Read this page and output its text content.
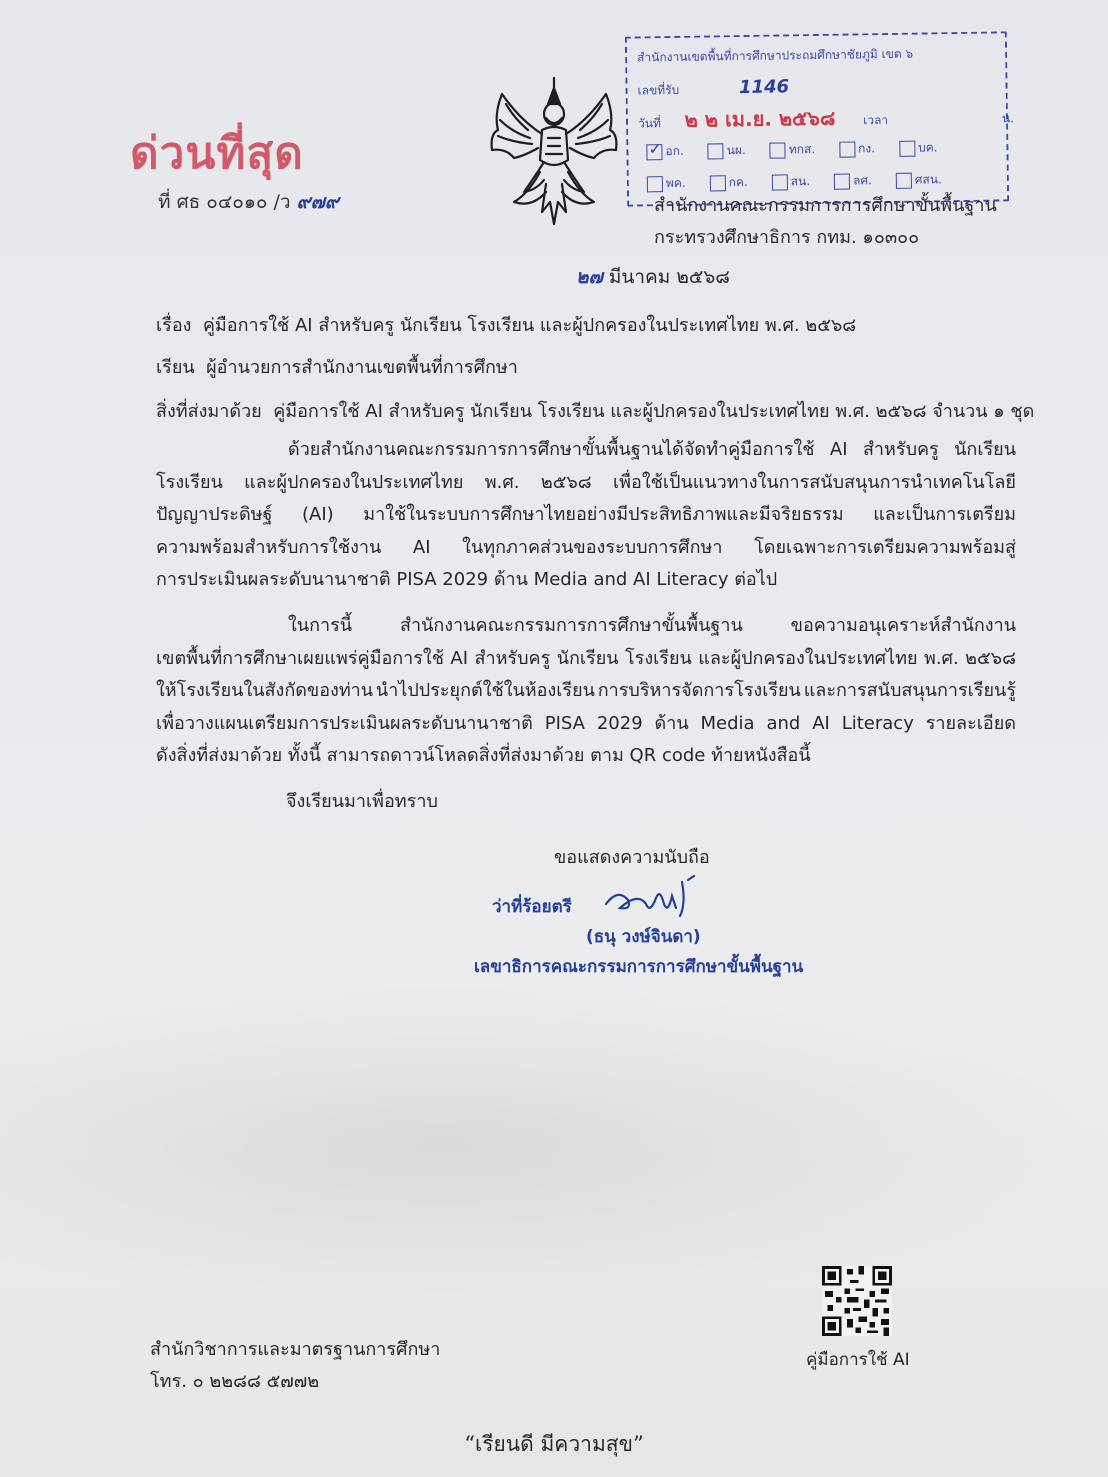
ด่วนที่สุด
ที่ ศธ ๐๔๐๑๐ /ว ๙๗๙
สำนักงานเขตพื้นที่การศึกษาประถมศึกษาชัยภูมิ เขต ๖
เลขที่รับ	1146
วันที่ ๒ ๒ เม.ย. ๒๕๖๘ เวลา	น.
✓
อก.	นผ.	ทกส.	กง.	บค.
พค.	กค.	สน.	ลศ.	ศสน.
สำนักงานคณะกรรมการการศึกษาขั้นพื้นฐาน
กระทรวงศึกษาธิการ กทม. ๑๐๓๐๐
๒๗ มีนาคม ๒๕๖๘
เรื่อง คู่มือการใช้ AI สำหรับครู นักเรียน โรงเรียน และผู้ปกครองในประเทศไทย พ.ศ. ๒๕๖๘
เรียน ผู้อำนวยการสำนักงานเขตพื้นที่การศึกษา
สิ่งที่ส่งมาด้วย คู่มือการใช้ AI สำหรับครู นักเรียน โรงเรียน และผู้ปกครองในประเทศไทย พ.ศ. ๒๕๖๘ จำนวน ๑ ชุด
ด้วยสำนักงานคณะกรรมการการศึกษาขั้นพื้นฐานได้จัดทำคู่มือการใช้ AI สำหรับครู นักเรียน
โรงเรียน และผู้ปกครองในประเทศไทย พ.ศ. ๒๕๖๘ เพื่อใช้เป็นแนวทางในการสนับสนุนการนำเทคโนโลยี
ปัญญาประดิษฐ์ (AI) มาใช้ในระบบการศึกษาไทยอย่างมีประสิทธิภาพและมีจริยธรรม และเป็นการเตรียม
ความพร้อมสำหรับการใช้งาน AI ในทุกภาคส่วนของระบบการศึกษา โดยเฉพาะการเตรียมความพร้อมสู่
การประเมินผลระดับนานาชาติ PISA 2029 ด้าน Media and AI Literacy ต่อไป
ในการนี้	สำนักงานคณะกรรมการการศึกษาขั้นพื้นฐาน	ขอความอนุเคราะห์สำนักงาน
เขตพื้นที่การศึกษาเผยแพร่คู่มือการใช้ AI สำหรับครู นักเรียน โรงเรียน และผู้ปกครองในประเทศไทย พ.ศ. ๒๕๖๘
ให้โรงเรียนในสังกัดของท่าน นำไปประยุกต์ใช้ในห้องเรียน การบริหารจัดการโรงเรียน และการสนับสนุนการเรียนรู้
เพื่อวางแผนเตรียมการประเมินผลระดับนานาชาติ PISA 2029 ด้าน Media and AI Literacy รายละเอียด
ดังสิ่งที่ส่งมาด้วย ทั้งนี้ สามารถดาวน์โหลดสิ่งที่ส่งมาด้วย ตาม QR code ท้ายหนังสือนี้
จึงเรียนมาเพื่อทราบ
ขอแสดงความนับถือ
ว่าที่ร้อยตรี
(ธนุ วงษ์จินดา)
เลขาธิการคณะกรรมการการศึกษาขั้นพื้นฐาน
คู่มือการใช้ AI
สำนักวิชาการและมาตรฐานการศึกษา
โทร. ๐ ๒๒๘๘ ๕๗๗๒
“เรียนดี มีความสุข”
